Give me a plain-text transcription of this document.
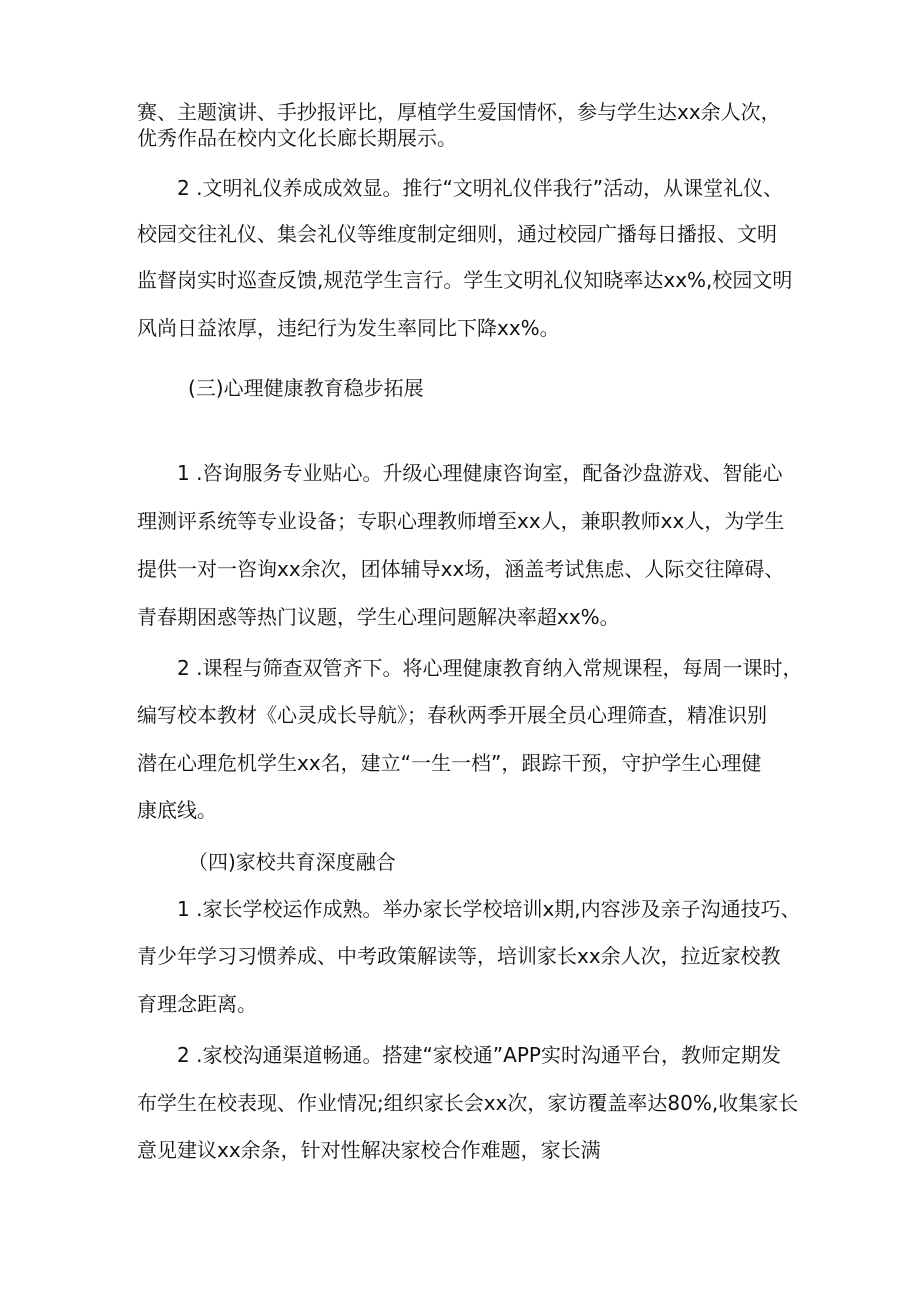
赛、主题演讲、手抄报评比，厚植学生爱国情怀，参与学生达xx余人次，
优秀作品在校内文化长廊长期展示。
2 .文明礼仪养成成效显。推行“文明礼仪伴我行”活动，从课堂礼仪、
校园交往礼仪、集会礼仪等维度制定细则，通过校园广播每日播报、文明
监督岗实时巡查反馈,规范学生言行。学生文明礼仪知晓率达xx%,校园文明
风尚日益浓厚，违纪行为发生率同比下降xx%。
(三)心理健康教育稳步拓展
1 .咨询服务专业贴心。升级心理健康咨询室，配备沙盘游戏、智能心
理测评系统等专业设备；专职心理教师增至xx人，兼职教师xx人，为学生
提供一对一咨询xx余次，团体辅导xx场，涵盖考试焦虑、人际交往障碍、
青春期困惑等热门议题，学生心理问题解决率超xx%。
2 .课程与筛查双管齐下。将心理健康教育纳入常规课程，每周一课时，
编写校本教材《心灵成长导航》；春秋两季开展全员心理筛查，精准识别
潜在心理危机学生xx名，建立“一生一档”，跟踪干预，守护学生心理健
康底线。
（四)家校共育深度融合
1 .家长学校运作成熟。举办家长学校培训x期,内容涉及亲子沟通技巧、
青少年学习习惯养成、中考政策解读等，培训家长xx余人次，拉近家校教
育理念距离。
2 .家校沟通渠道畅通。搭建“家校通”APP实时沟通平台，教师定期发
布学生在校表现、作业情况;组织家长会xx次，家访覆盖率达80%,收集家长
意见建议xx余条，针对性解决家校合作难题，家长满
